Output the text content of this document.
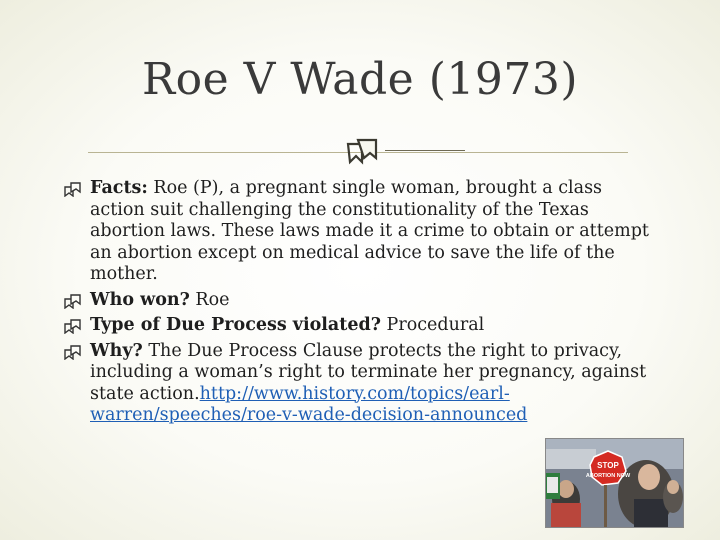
Roe V Wade (1973)
Facts: Roe (P), a pregnant single woman, brought a class action suit challenging the constitutionality of the Texas abortion laws. These laws made it a crime to obtain or attempt an abortion except on medical advice to save the life of the mother.
Who won? Roe
Type of Due Process violated? Procedural
Why? The Due Process Clause protects the right to privacy, including a woman’s right to terminate her pregnancy, against state action.http://www.history.com/topics/earl-warren/speeches/roe-v-wade-decision-announced
STOP
ABORTION NOW
